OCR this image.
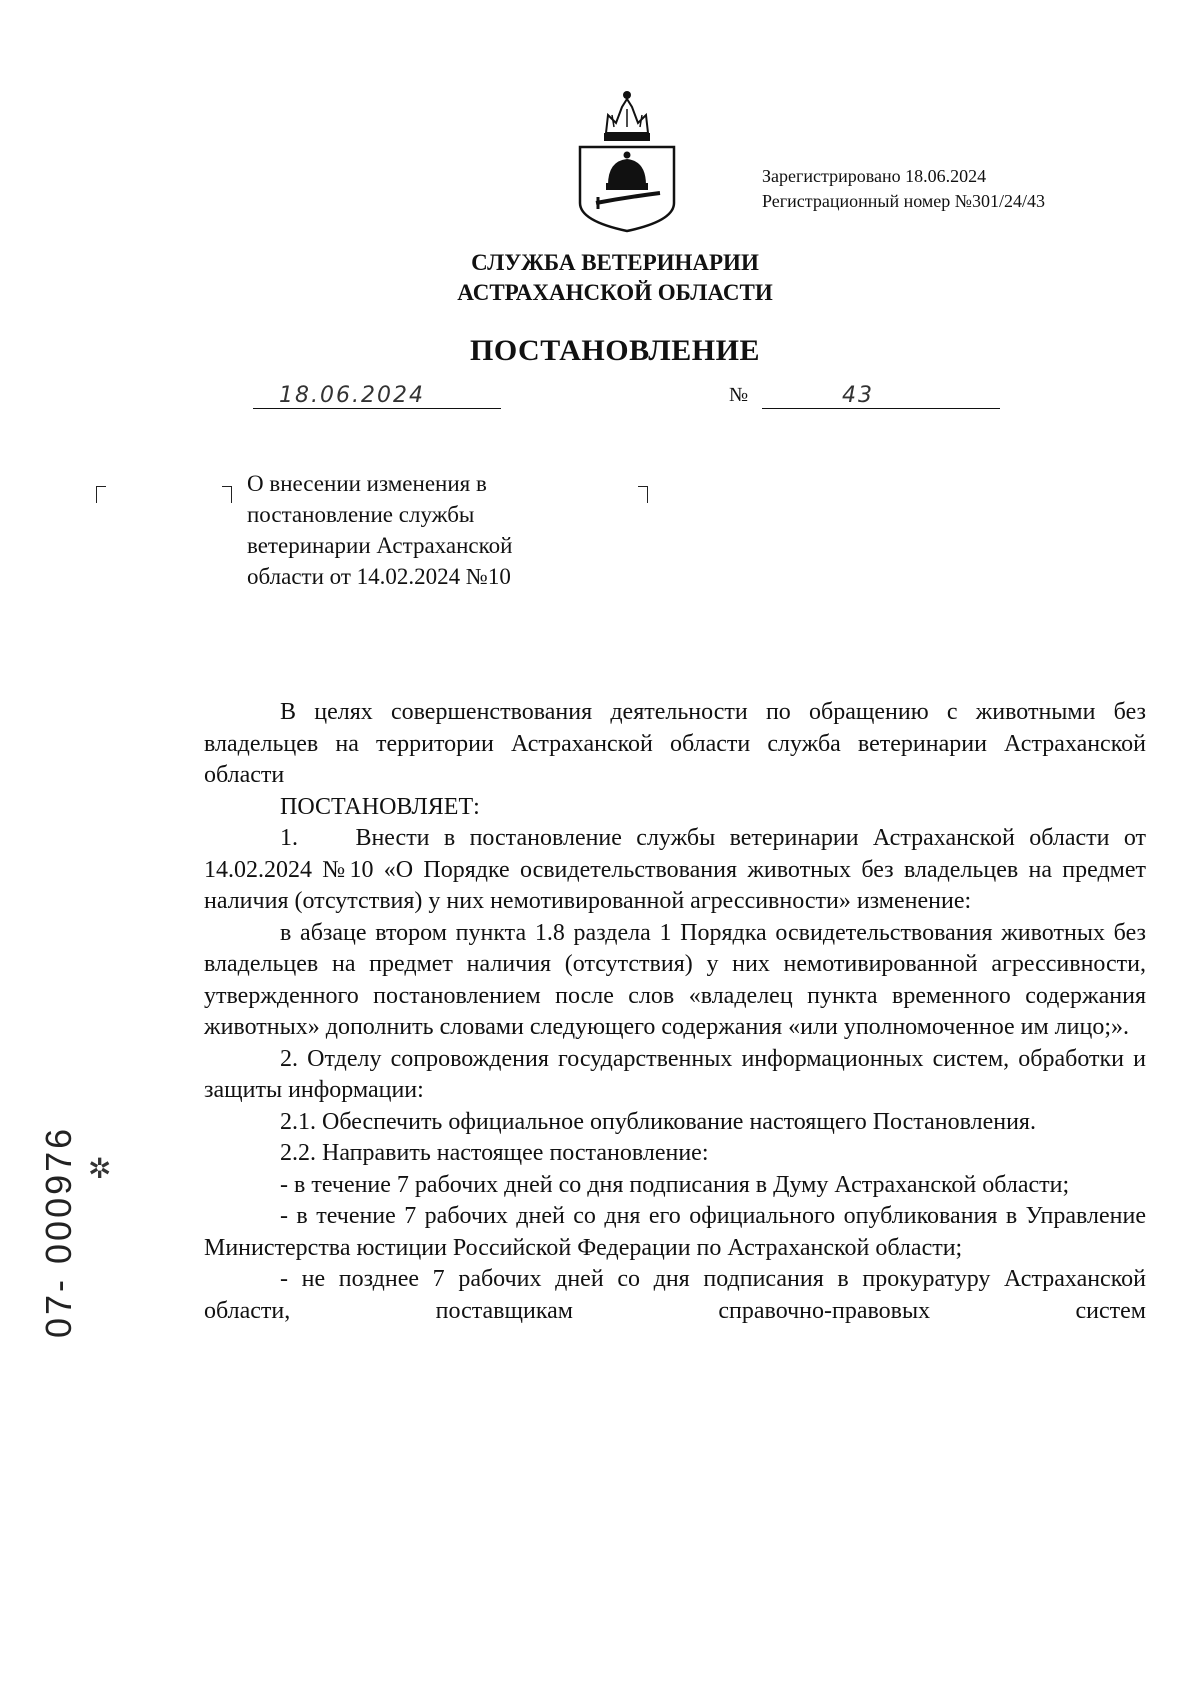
Зарегистрировано 18.06.2024
Регистрационный номер №301/24/43
СЛУЖБА ВЕТЕРИНАРИИ
АСТРАХАНСКОЙ ОБЛАСТИ
ПОСТАНОВЛЕНИЕ
18.06.2024	№	43
О внесении изменения в
постановление службы
ветеринарии Астраханской
области от 14.02.2024 №10

В целях совершенствования деятельности по обращению с животными без владельцев на территории Астраханской области служба ветеринарии Астраханской области

ПОСТАНОВЛЯЕТ:

1.    Внести в постановление службы ветеринарии Астраханской области от 14.02.2024 №10 «О Порядке освидетельствования животных без владельцев на предмет наличия (отсутствия) у них немотивированной агрессивности» изменение:

в абзаце втором пункта 1.8 раздела 1 Порядка освидетельствования животных без владельцев на предмет наличия (отсутствия) у них немотивированной агрессивности, утвержденного постановлением после слов «владелец пункта временного содержания животных» дополнить словами следующего содержания «или уполномоченное им лицо;».

2. Отделу сопровождения государственных информационных систем, обработки и защиты информации:

2.1. Обеспечить официальное опубликование настоящего Постановления.

2.2. Направить настоящее постановление:

- в течение 7 рабочих дней со дня подписания в Думу Астраханской области;

- в течение 7 рабочих дней со дня его официального опубликования в Управление Министерства юстиции Российской Федерации по Астраханской области;

- не позднее 7 рабочих дней со дня подписания в прокуратуру Астраханской области, поставщикам справочно-правовых систем

✲
07- 000976
